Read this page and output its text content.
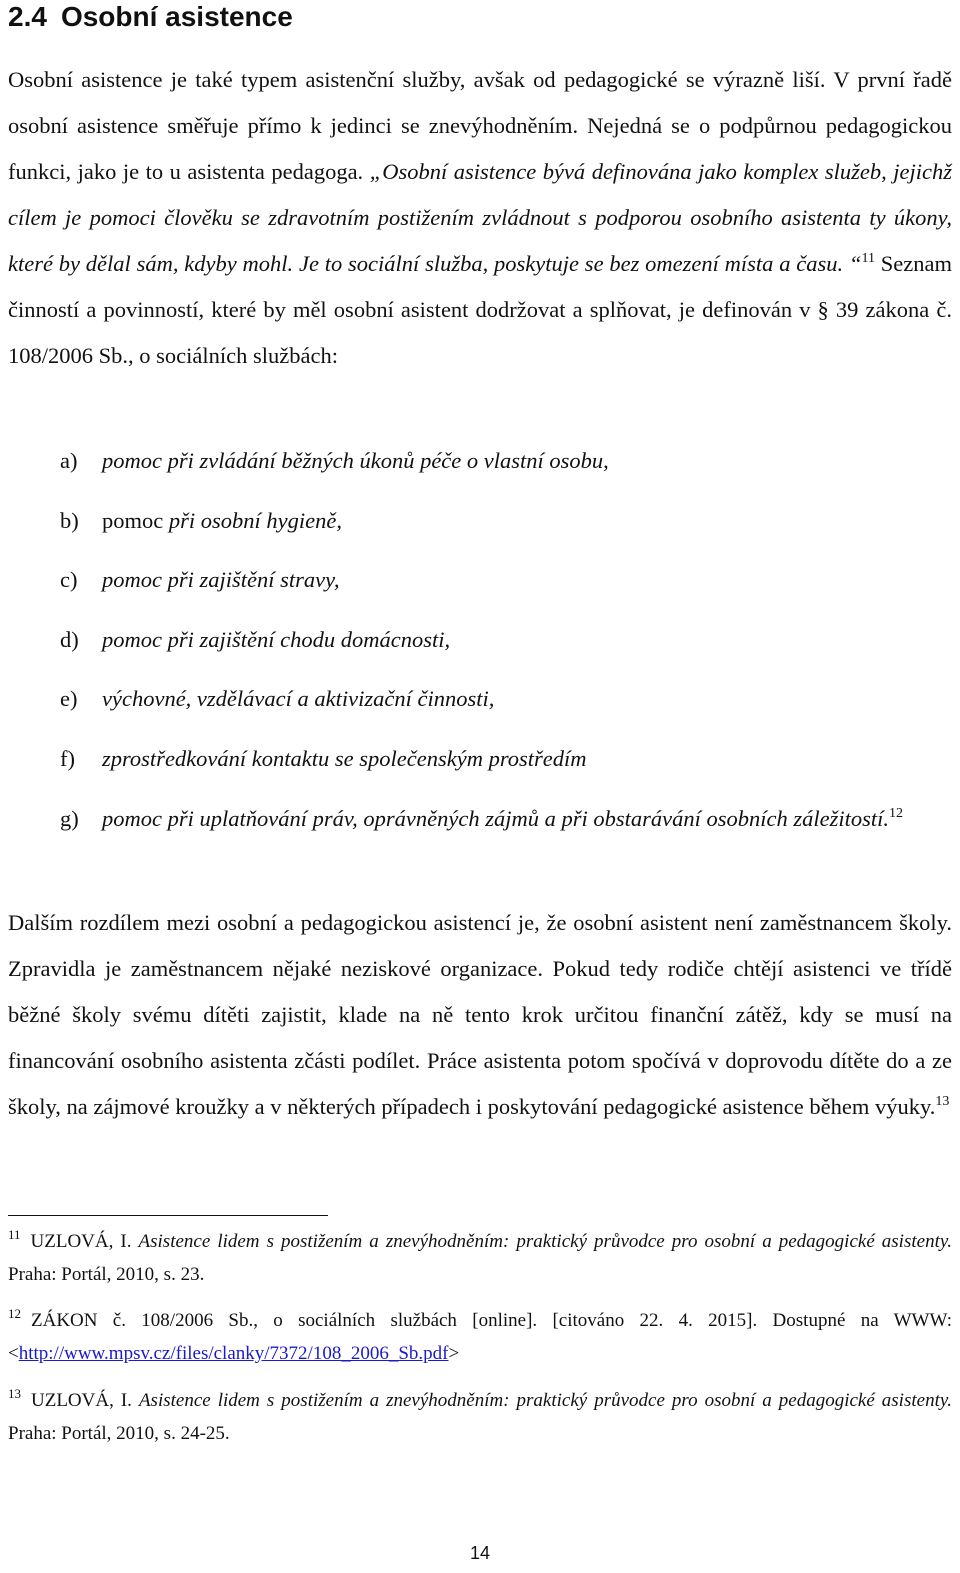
2.4 Osobní asistence

Osobní asistence je také typem asistenční služby, avšak od pedagogické se výrazně liší. V první řadě osobní asistence směřuje přímo k jedinci se znevýhodněním. Nejedná se o podpůrnou pedagogickou funkci, jako je to u asistenta pedagoga. „Osobní asistence bývá definována jako komplex služeb, jejichž cílem je pomoci člověku se zdravotním postižením zvládnout s podporou osobního asistenta ty úkony, které by dělal sám, kdyby mohl. Je to sociální služba, poskytuje se bez omezení místa a času. “$^{11}$ Seznam činností a povinností, které by měl osobní asistent dodržovat a splňovat, je definován v § 39 zákona č. 108/2006 Sb., o sociálních službách:

a) pomoc při zvládání běžných úkonů péče o vlastní osobu,
b) pomoc při osobní hygieně,
c) pomoc při zajištění stravy,
d) pomoc při zajištění chodu domácnosti,
e) výchovné, vzdělávací a aktivizační činnosti,
f) zprostředkování kontaktu se společenským prostředím
g) pomoc při uplatňování práv, oprávněných zájmů a při obstarávání osobních záležitostí.$^{12}$

Dalším rozdílem mezi osobní a pedagogickou asistencí je, že osobní asistent není zaměstnancem školy. Zpravidla je zaměstnancem nějaké neziskové organizace. Pokud tedy rodiče chtějí asistenci ve třídě běžné školy svému dítěti zajistit, klade na ně tento krok určitou finanční zátěž, kdy se musí na financování osobního asistenta zčásti podílet. Práce asistenta potom spočívá v doprovodu dítěte do a ze školy, na zájmové kroužky a v některých případech i poskytování pedagogické asistence během výuky.$^{13}$

$^{11}$ UZLOVÁ, I. Asistence lidem s postižením a znevýhodněním: praktický průvodce pro osobní a pedagogické asistenty. Praha: Portál, 2010, s. 23.

$^{12}$ ZÁKON č. 108/2006 Sb., o sociálních službách [online]. [citováno 22. 4. 2015]. Dostupné na WWW: <http://www.mpsv.cz/files/clanky/7372/108_2006_Sb.pdf>

$^{13}$ UZLOVÁ, I. Asistence lidem s postižením a znevýhodněním: praktický průvodce pro osobní a pedagogické asistenty. Praha: Portál, 2010, s. 24-25.

14
